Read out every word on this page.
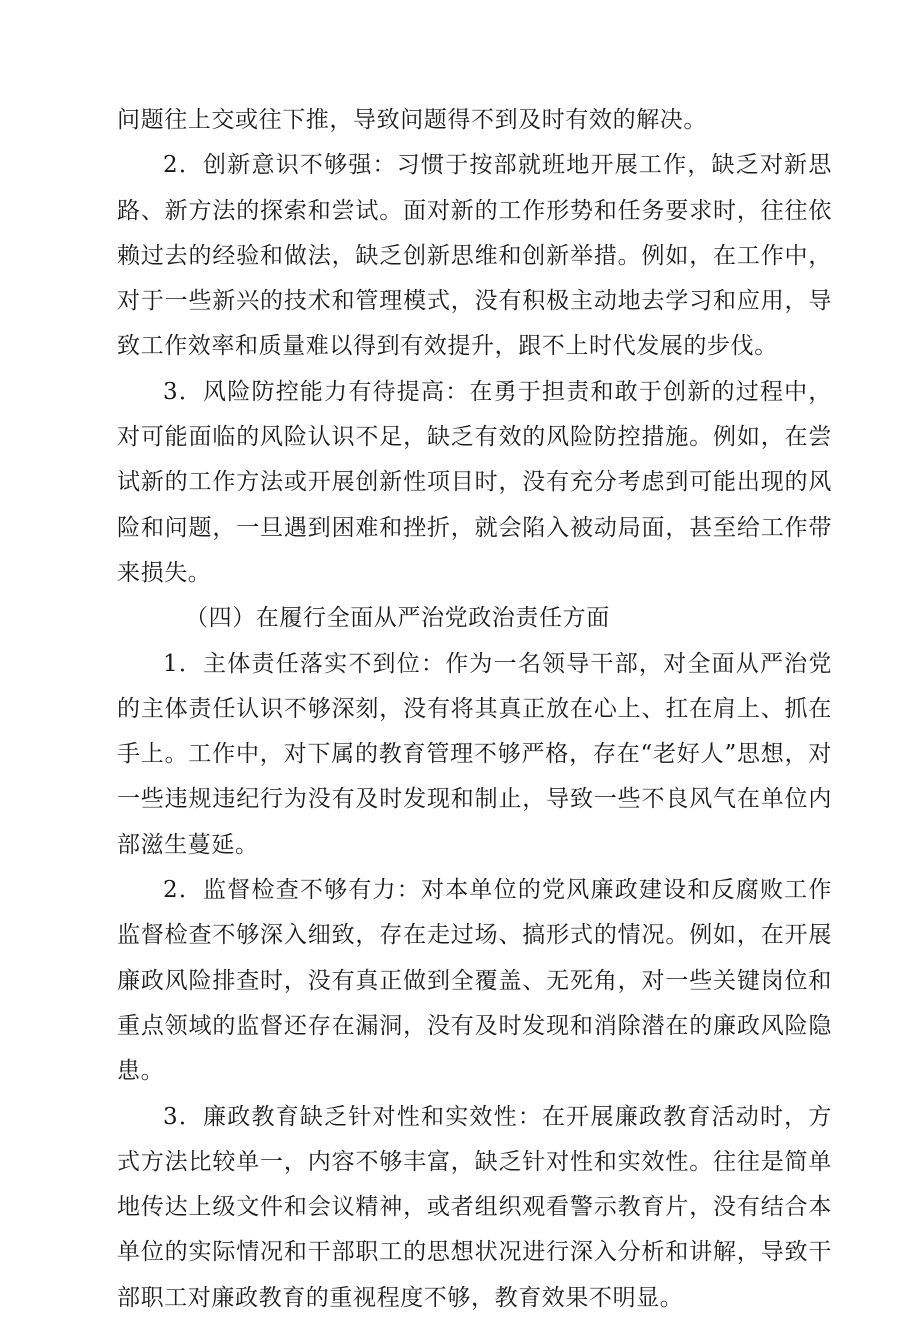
问题往上交或往下推，导致问题得不到及时有效的解决。

2．创新意识不够强：习惯于按部就班地开展工作，缺乏对新思路、新方法的探索和尝试。面对新的工作形势和任务要求时，往往依赖过去的经验和做法，缺乏创新思维和创新举措。例如，在工作中，对于一些新兴的技术和管理模式，没有积极主动地去学习和应用，导致工作效率和质量难以得到有效提升，跟不上时代发展的步伐。

3．风险防控能力有待提高：在勇于担责和敢于创新的过程中，对可能面临的风险认识不足，缺乏有效的风险防控措施。例如，在尝试新的工作方法或开展创新性项目时，没有充分考虑到可能出现的风险和问题，一旦遇到困难和挫折，就会陷入被动局面，甚至给工作带来损失。

（四）在履行全面从严治党政治责任方面

1．主体责任落实不到位：作为一名领导干部，对全面从严治党的主体责任认识不够深刻，没有将其真正放在心上、扛在肩上、抓在手上。工作中，对下属的教育管理不够严格，存在“老好人”思想，对一些违规违纪行为没有及时发现和制止，导致一些不良风气在单位内部滋生蔓延。

2．监督检查不够有力：对本单位的党风廉政建设和反腐败工作监督检查不够深入细致，存在走过场、搞形式的情况。例如，在开展廉政风险排查时，没有真正做到全覆盖、无死角，对一些关键岗位和重点领域的监督还存在漏洞，没有及时发现和消除潜在的廉政风险隐患。

3．廉政教育缺乏针对性和实效性：在开展廉政教育活动时，方式方法比较单一，内容不够丰富，缺乏针对性和实效性。往往是简单地传达上级文件和会议精神，或者组织观看警示教育片，没有结合本单位的实际情况和干部职工的思想状况进行深入分析和讲解，导致干部职工对廉政教育的重视程度不够，教育效果不明显。
